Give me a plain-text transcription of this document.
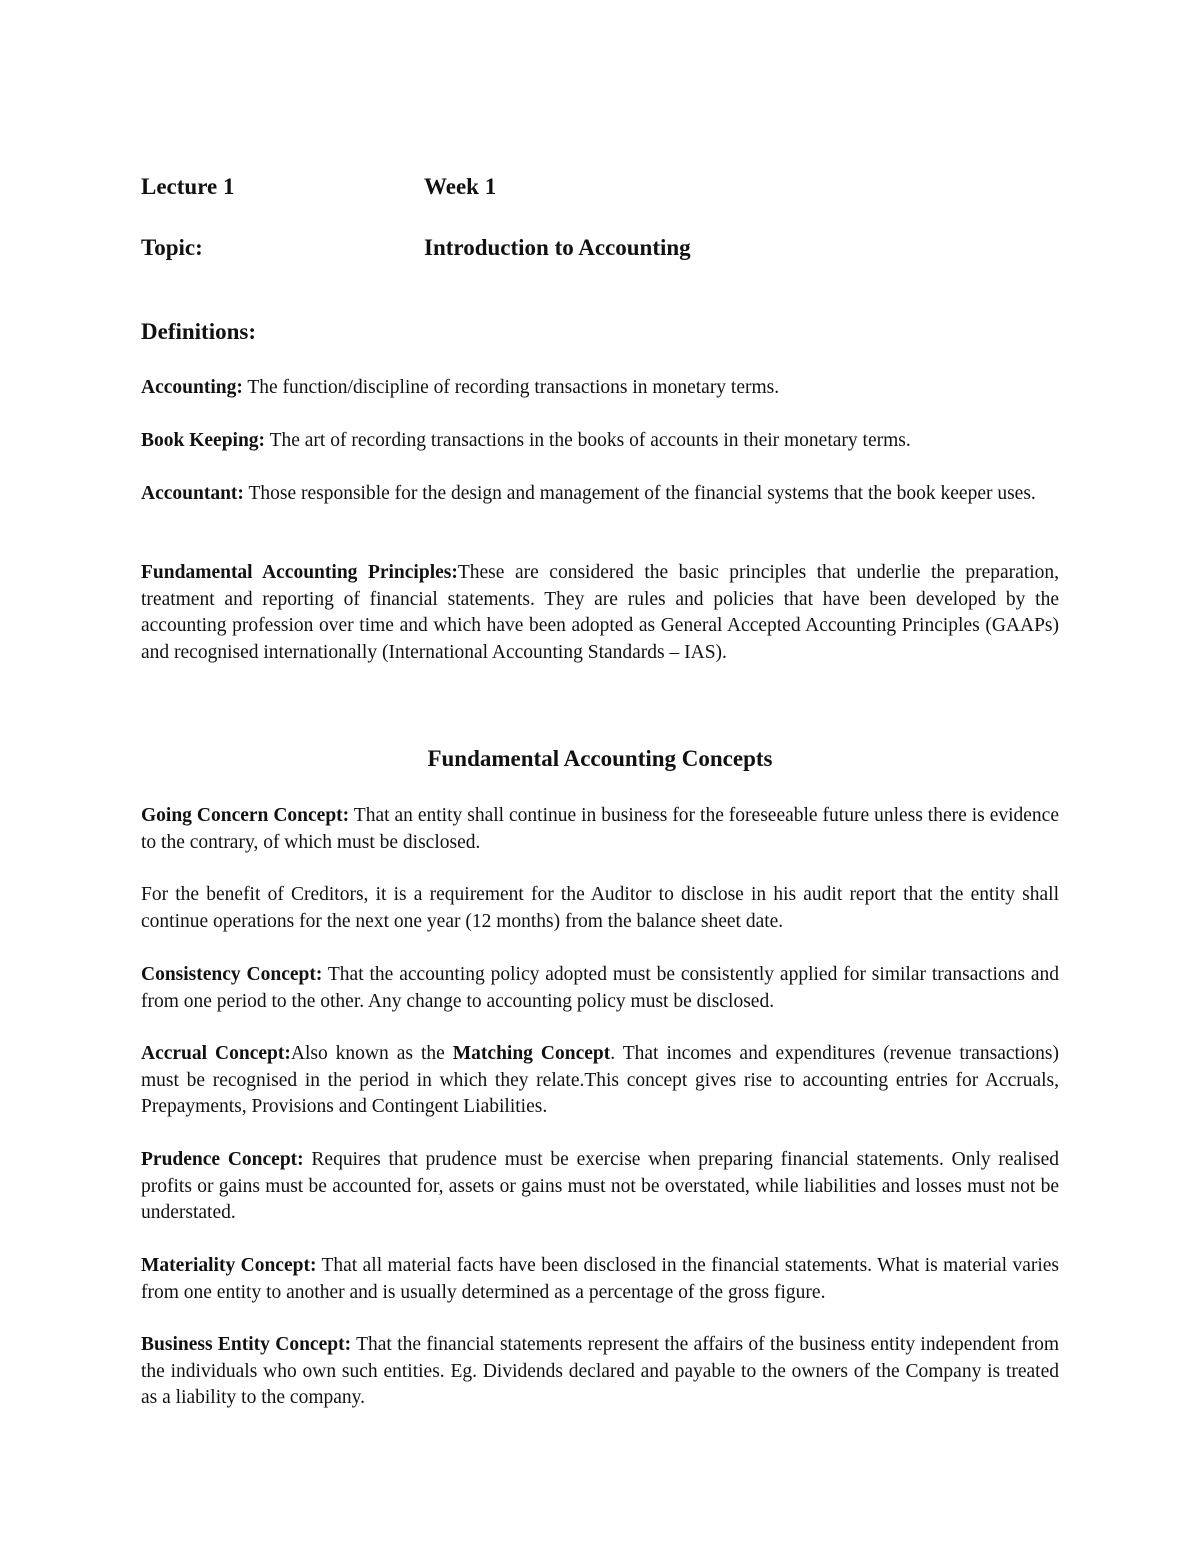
Lecture 1	Week 1
Topic:	Introduction to Accounting
Definitions:

Accounting: The function/discipline of recording transactions in monetary terms.

Book Keeping: The art of recording transactions in the books of accounts in their monetary terms.

Accountant: Those responsible for the design and management of the financial systems that the book keeper uses.

Fundamental Accounting Principles:These are considered the basic principles that underlie the preparation, treatment and reporting of financial statements. They are rules and policies that have been developed by the accounting profession over time and which have been adopted as General Accepted Accounting Principles (GAAPs) and recognised internationally (International Accounting Standards – IAS).

Fundamental Accounting Concepts

Going Concern Concept: That an entity shall continue in business for the foreseeable future unless there is evidence to the contrary, of which must be disclosed.

For the benefit of Creditors, it is a requirement for the Auditor to disclose in his audit report that the entity shall continue operations for the next one year (12 months) from the balance sheet date.

Consistency Concept: That the accounting policy adopted must be consistently applied for similar transactions and from one period to the other. Any change to accounting policy must be disclosed.

Accrual Concept:Also known as the Matching Concept. That incomes and expenditures (revenue transactions) must be recognised in the period in which they relate.This concept gives rise to accounting entries for Accruals, Prepayments, Provisions and Contingent Liabilities.

Prudence Concept: Requires that prudence must be exercise when preparing financial statements. Only realised profits or gains must be accounted for, assets or gains must not be overstated, while liabilities and losses must not be understated.

Materiality Concept: That all material facts have been disclosed in the financial statements. What is material varies from one entity to another and is usually determined as a percentage of the gross figure.

Business Entity Concept: That the financial statements represent the affairs of the business entity independent from the individuals who own such entities. Eg. Dividends declared and payable to the owners of the Company is treated as a liability to the company.
